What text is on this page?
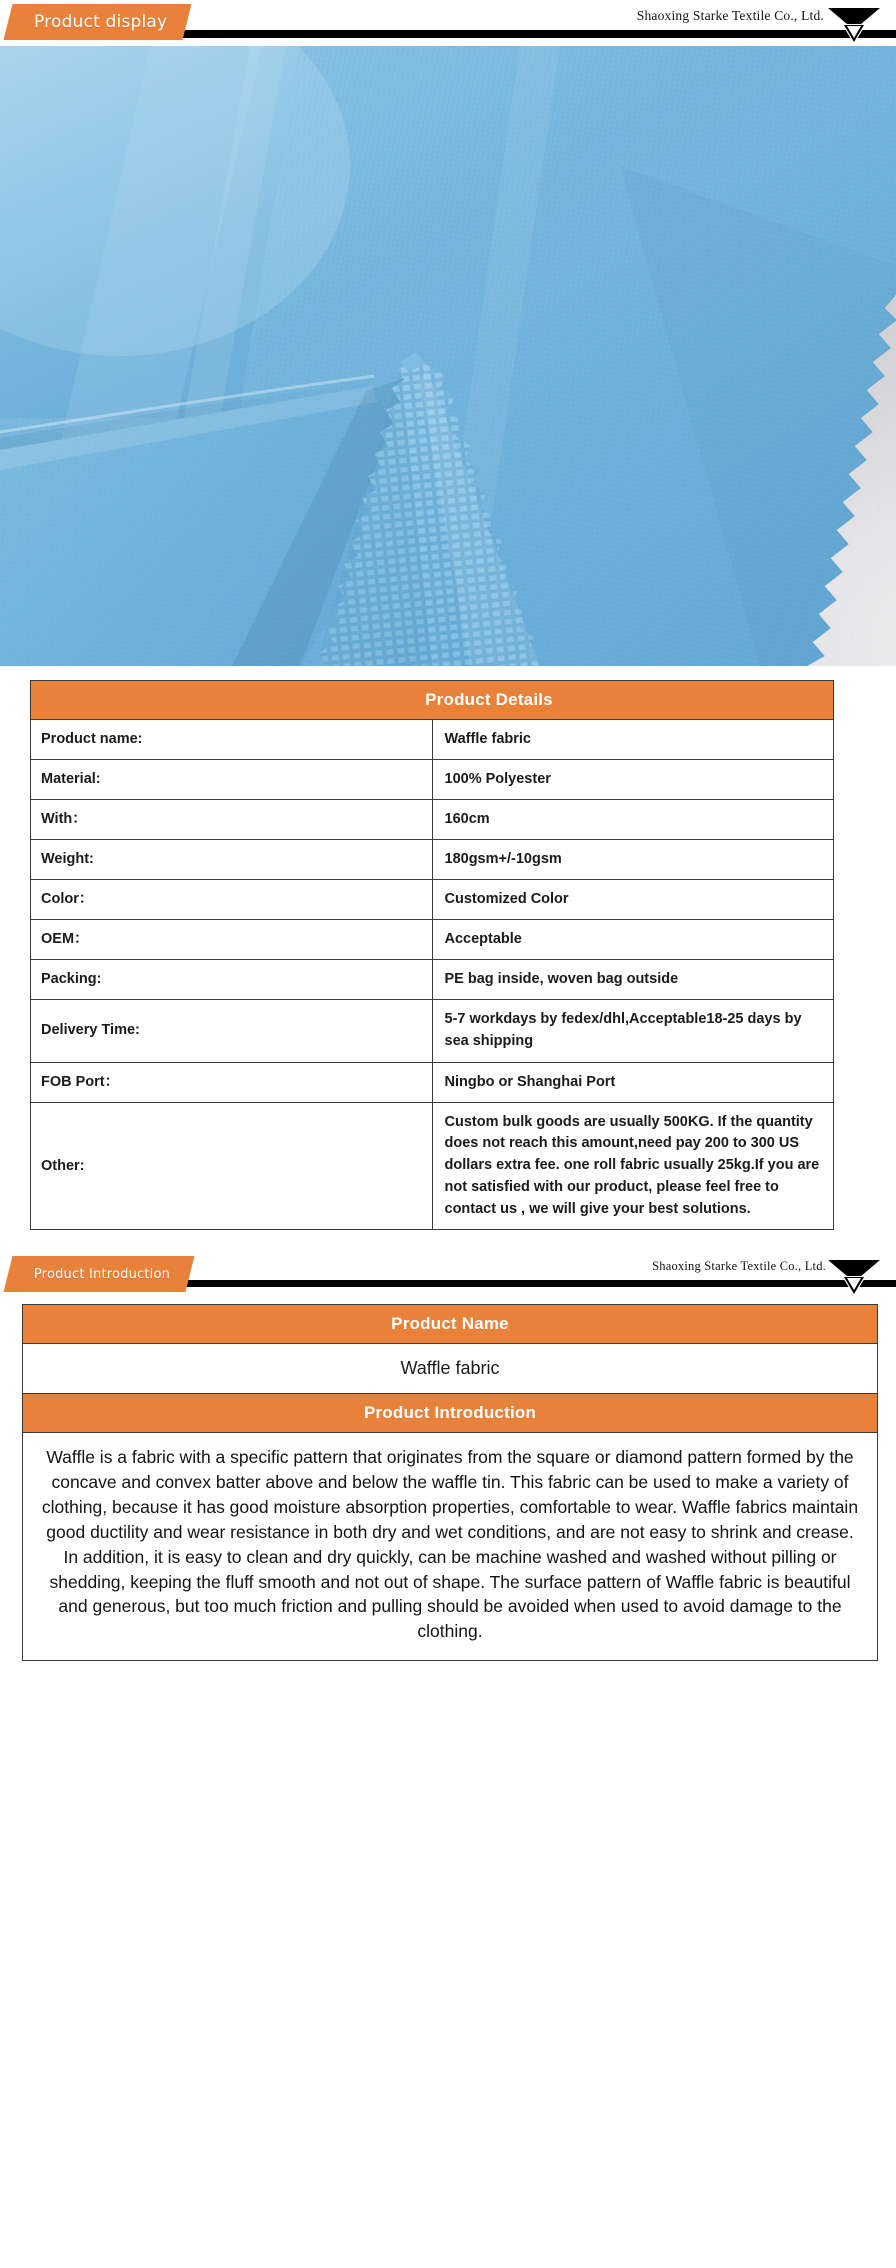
Product display	Shaoxing Starke Textile Co., Ltd.
Product Details	
Product name:	Waffle fabric
Material:	100% Polyester
With：	160cm
Weight:	180gsm+/-10gsm
Color：	Customized Color
OEM：	Acceptable
Packing:	PE bag inside, woven bag outside
Delivery Time:	5-7 workdays by fedex/dhl,Acceptable18-25 days by sea shipping
FOB Port：	Ningbo or Shanghai Port
Other:	Custom bulk goods are usually 500KG. If the quantity does not reach this amount,need pay 200 to 300 US dollars extra fee. one roll fabric usually 25kg.If you are not satisfied with our product, please feel free to contact us , we will give your best solutions.
Product Introduction
Shaoxing Starke Textile Co., Ltd.
Product Name
Waffle fabric
Product Introduction
Waffle is a fabric with a specific pattern that originates from the square or diamond pattern formed by the concave and convex batter above and below the waffle tin. This fabric can be used to make a variety of clothing, because it has good moisture absorption properties, comfortable to wear. Waffle fabrics maintain good ductility and wear resistance in both dry and wet conditions, and are not easy to shrink and crease. In addition, it is easy to clean and dry quickly, can be machine washed and washed without pilling or shedding, keeping the fluff smooth and not out of shape. The surface pattern of Waffle fabric is beautiful and generous, but too much friction and pulling should be avoided when used to avoid damage to the clothing.
